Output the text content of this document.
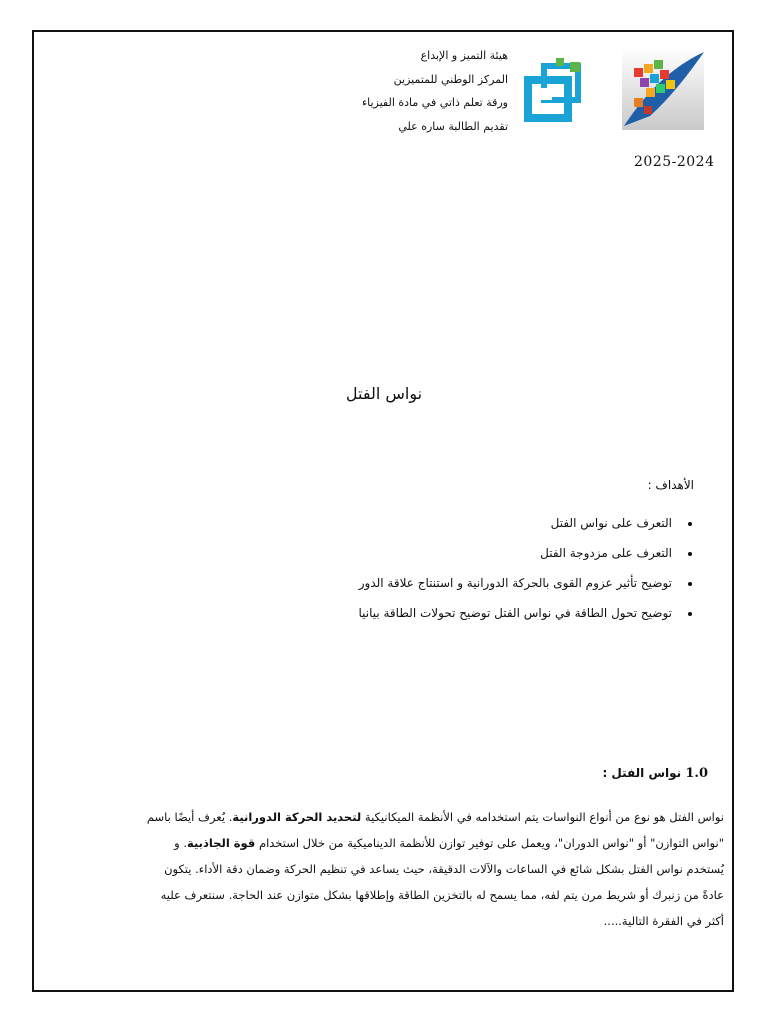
هيئة التميز و الإبداع
المركز الوطني للمتميزين
ورقة تعلم ذاتي في مادة الفيزياء
تقديم الطالبة ساره علي
2025-2024
نواس الفتل
الأهداف :
• التعرف على نواس الفتل
• التعرف على مزدوجة الفتل
• توضيح تأثير عزوم القوى بالحركة الدورانية و استنتاج علاقة الدور
• توضيح تحول الطاقة في نواس الفتل توضيح تحولات الطاقة بيانيا
1.0 نواس الفتل :

نواس الفتل هو نوع من أنواع النواسات يتم استخدامه في الأنظمة الميكانيكية لتحديد الحركة الدورانية. يُعرف أيضًا باسم

"نواس التوازن" أو "نواس الدوران"، ويعمل على توفير توازن للأنظمة الديناميكية من خلال استخدام قوة الجاذبية. و

يُستخدم نواس الفتل بشكل شائع في الساعات والآلات الدقيقة، حيث يساعد في تنظيم الحركة وضمان دقة الأداء. يتكون

عادةً من زنبرك أو شريط مرن يتم لفه، مما يسمح له بالتخزين الطاقة وإطلاقها بشكل متوازن عند الحاجة. سنتعرف عليه

أكثر في الفقرة التالية.....
